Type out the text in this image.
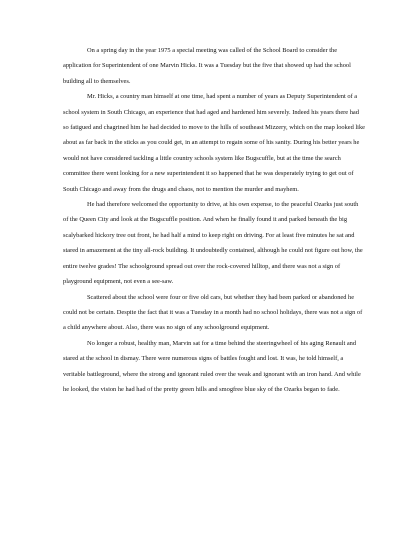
On a spring day in the year 1975 a special meeting was called of the School Board to consider the application for Superintendent of one Marvin Hicks. It was a Tuesday but the five that showed up had the school building all to themselves.

Mr. Hicks, a country man himself at one time, had spent a number of years as Deputy Superintendent of a school system in South Chicago, an experience that had aged and hardened him severely. Indeed his years there had so fatigued and chagrined him he had decided to move to the hills of southeast Mizzery, which on the map looked like about as far back in the sticks as you could get, in an attempt to regain some of his sanity. During his better years he would not have considered tackling a little country schools system like Bugscuffle, but at the time the search committee there went looking for a new superintendent it so happened that he was desperately trying to get out of South Chicago and away from the drugs and chaos, not to mention the murder and mayhem.

He had therefore welcomed the opportunity to drive, at his own expense, to the peaceful Ozarks just south of the Queen City and look at the Bugscuffle position. And when he finally found it and parked beneath the big scalybarked hickory tree out front, he had half a mind to keep right on driving. For at least five minutes he sat and stared in amazement at the tiny all-rock building. It undoubtedly contained, although he could not figure out how, the entire twelve grades! The schoolground spread out over the rock-covered hilltop, and there was not a sign of playground equipment, not even a see-saw.

Scattered about the school were four or five old cars, but whether they had been parked or abandoned he could not be certain. Despite the fact that it was a Tuesday in a month had no school holidays, there was not a sign of a child anywhere about. Also, there was no sign of any schoolground equipment.

No longer a robust, healthy man, Marvin sat for a time behind the steeringwheel of his aging Renault and stared at the school in dismay. There were numerous signs of battles fought and lost. It was, he told himself, a veritable battleground, where the strong and ignorant ruled over the weak and ignorant with an iron hand. And while he looked, the vision he had had of the pretty green hills and smogfree blue sky of the Ozarks began to fade.
